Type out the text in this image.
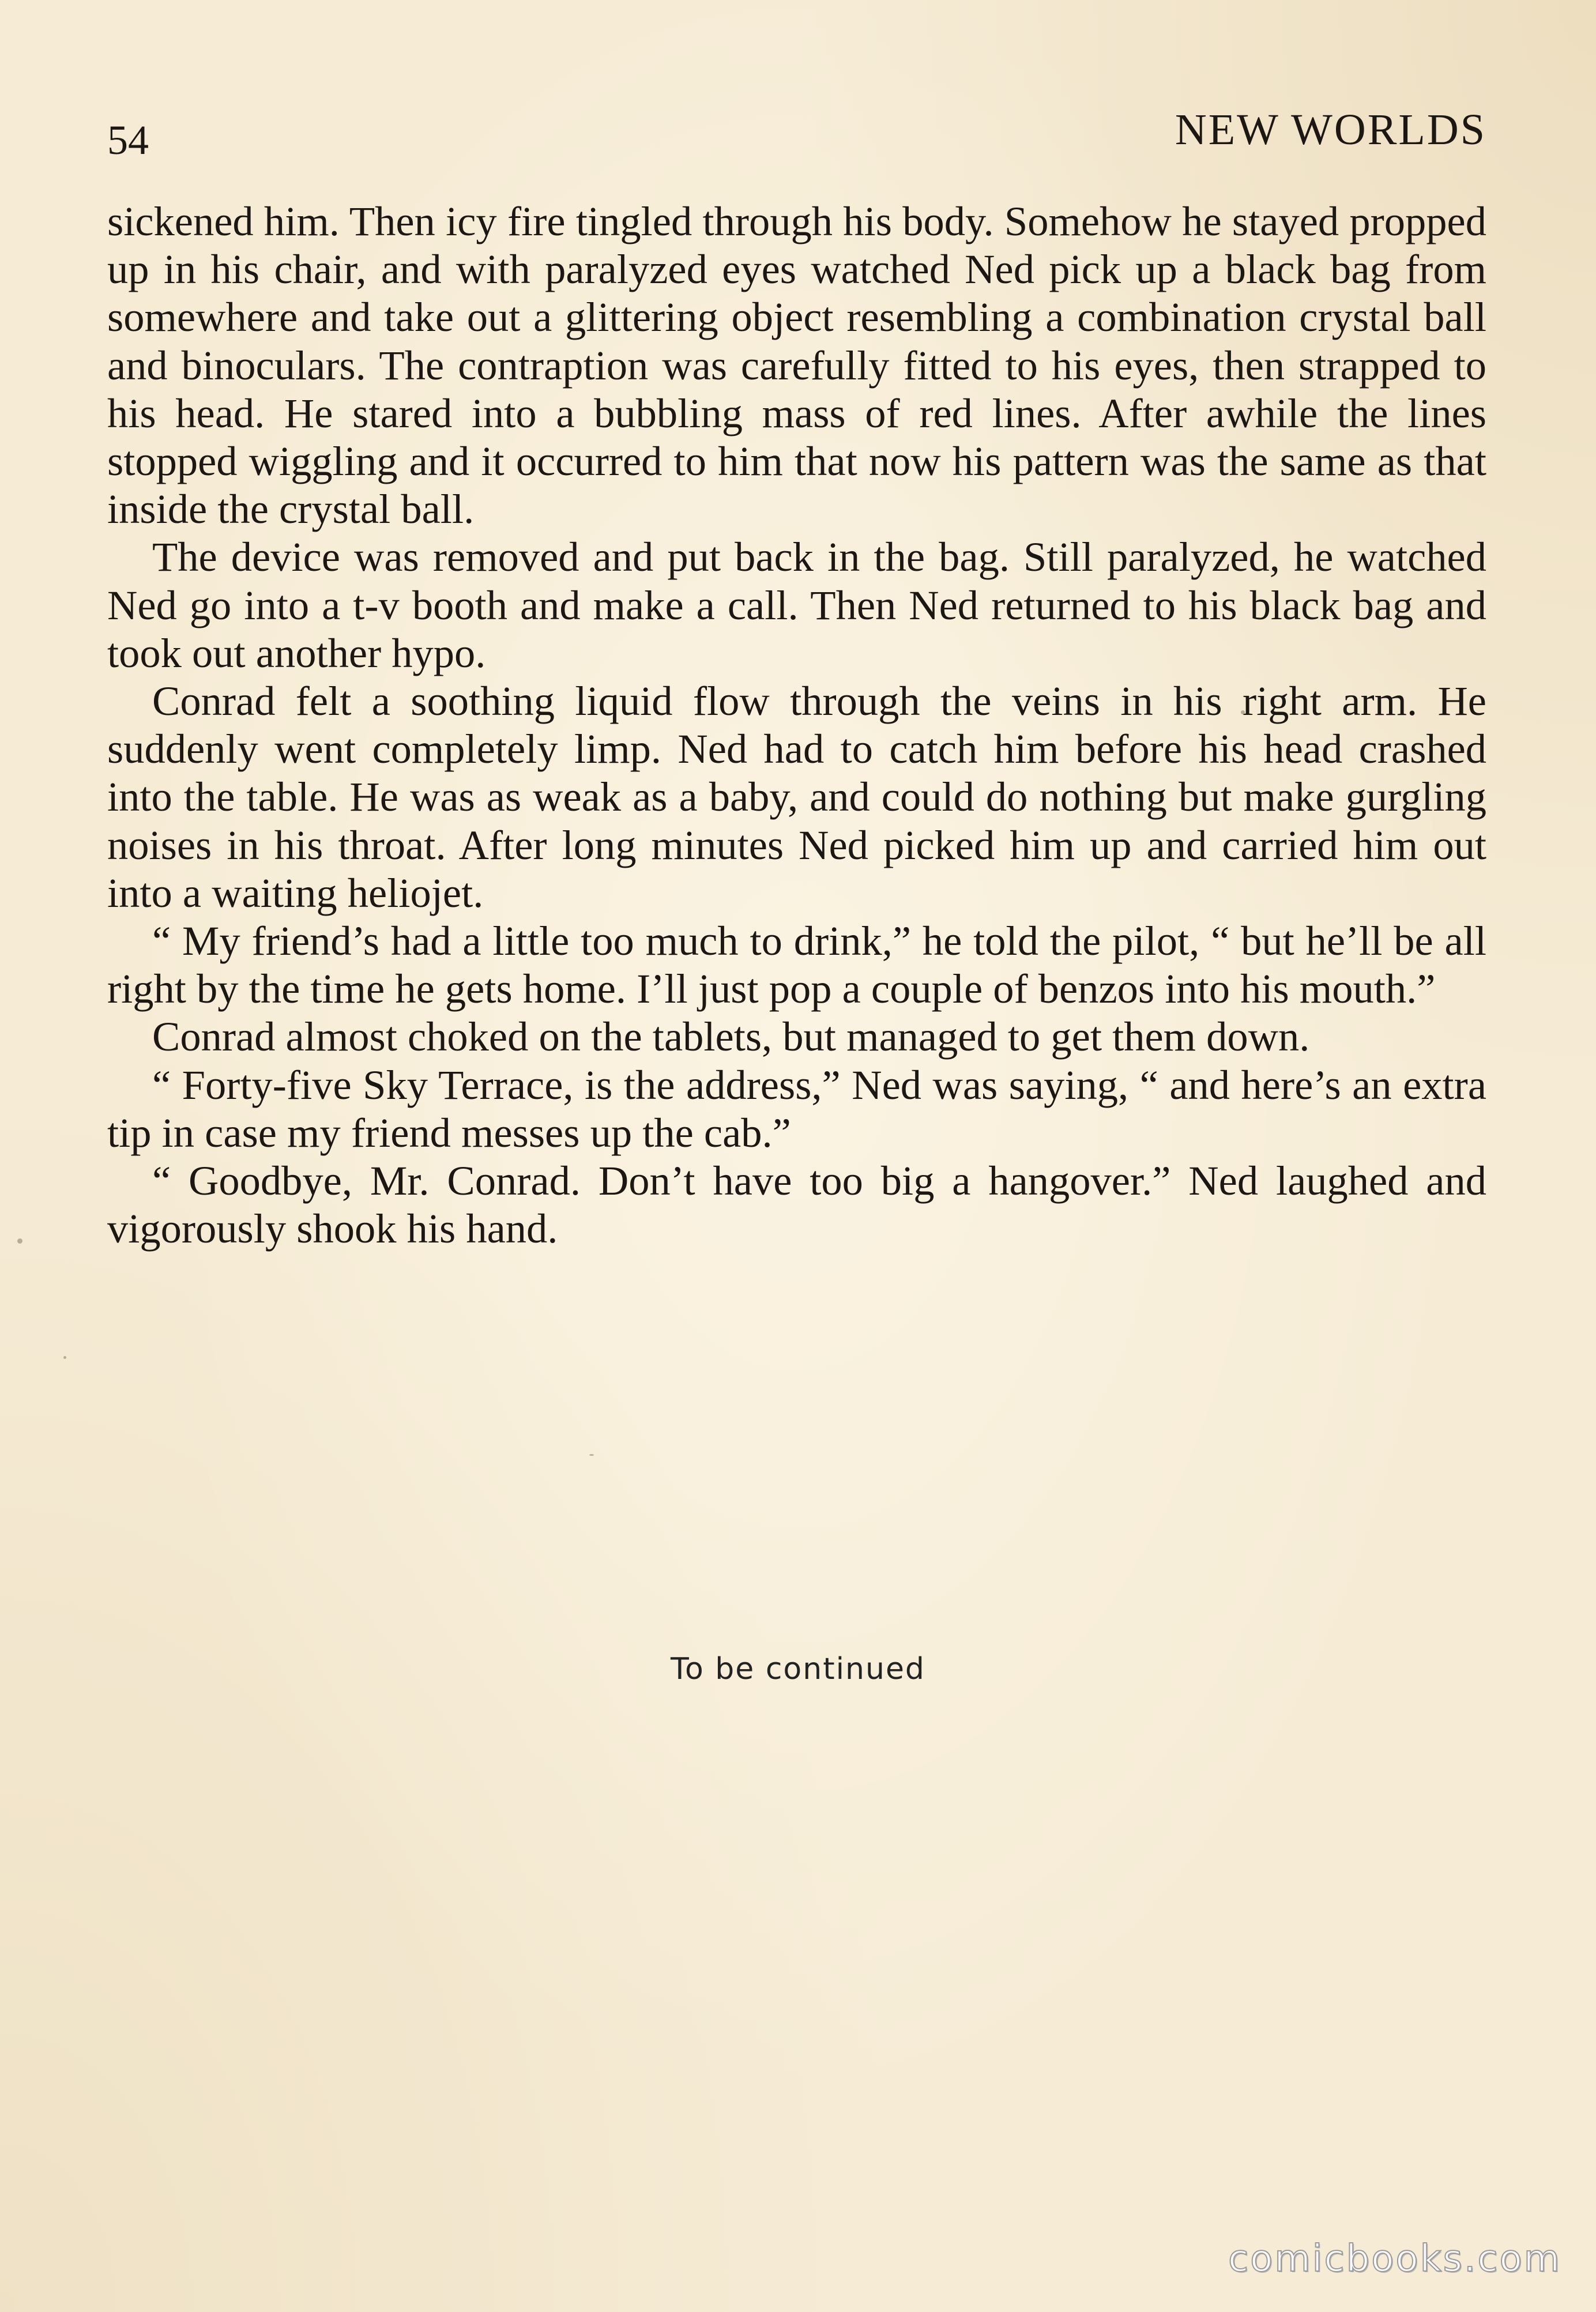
54	NEW WORLDS

sickened him. Then icy fire tingled through his body. Somehow he stayed propped up in his chair, and with paralyzed eyes watched Ned pick up a black bag from somewhere and take out a glittering object resembling a combination crystal ball and binoculars. The contraption was carefully fitted to his eyes, then strapped to his head. He stared into a bubbling mass of red lines. After awhile the lines stopped wiggling and it occurred to him that now his pattern was the same as that inside the crystal ball.

The device was removed and put back in the bag. Still paralyzed, he watched Ned go into a t-v booth and make a call. Then Ned returned to his black bag and took out another hypo.

Conrad felt a soothing liquid flow through the veins in his right arm. He suddenly went completely limp. Ned had to catch him before his head crashed into the table. He was as weak as a baby, and could do nothing but make gurgling noises in his throat. After long minutes Ned picked him up and carried him out into a waiting heliojet.

“ My friend’s had a little too much to drink,” he told the pilot, “ but he’ll be all right by the time he gets home. I’ll just pop a couple of benzos into his mouth.”

Conrad almost choked on the tablets, but managed to get them down.

“ Forty-five Sky Terrace, is the address,” Ned was saying, “ and here’s an extra tip in case my friend messes up the cab.”

“ Goodbye, Mr. Conrad. Don’t have too big a hangover.” Ned laughed and vigorously shook his hand.

To be continued
comicbooks.com
